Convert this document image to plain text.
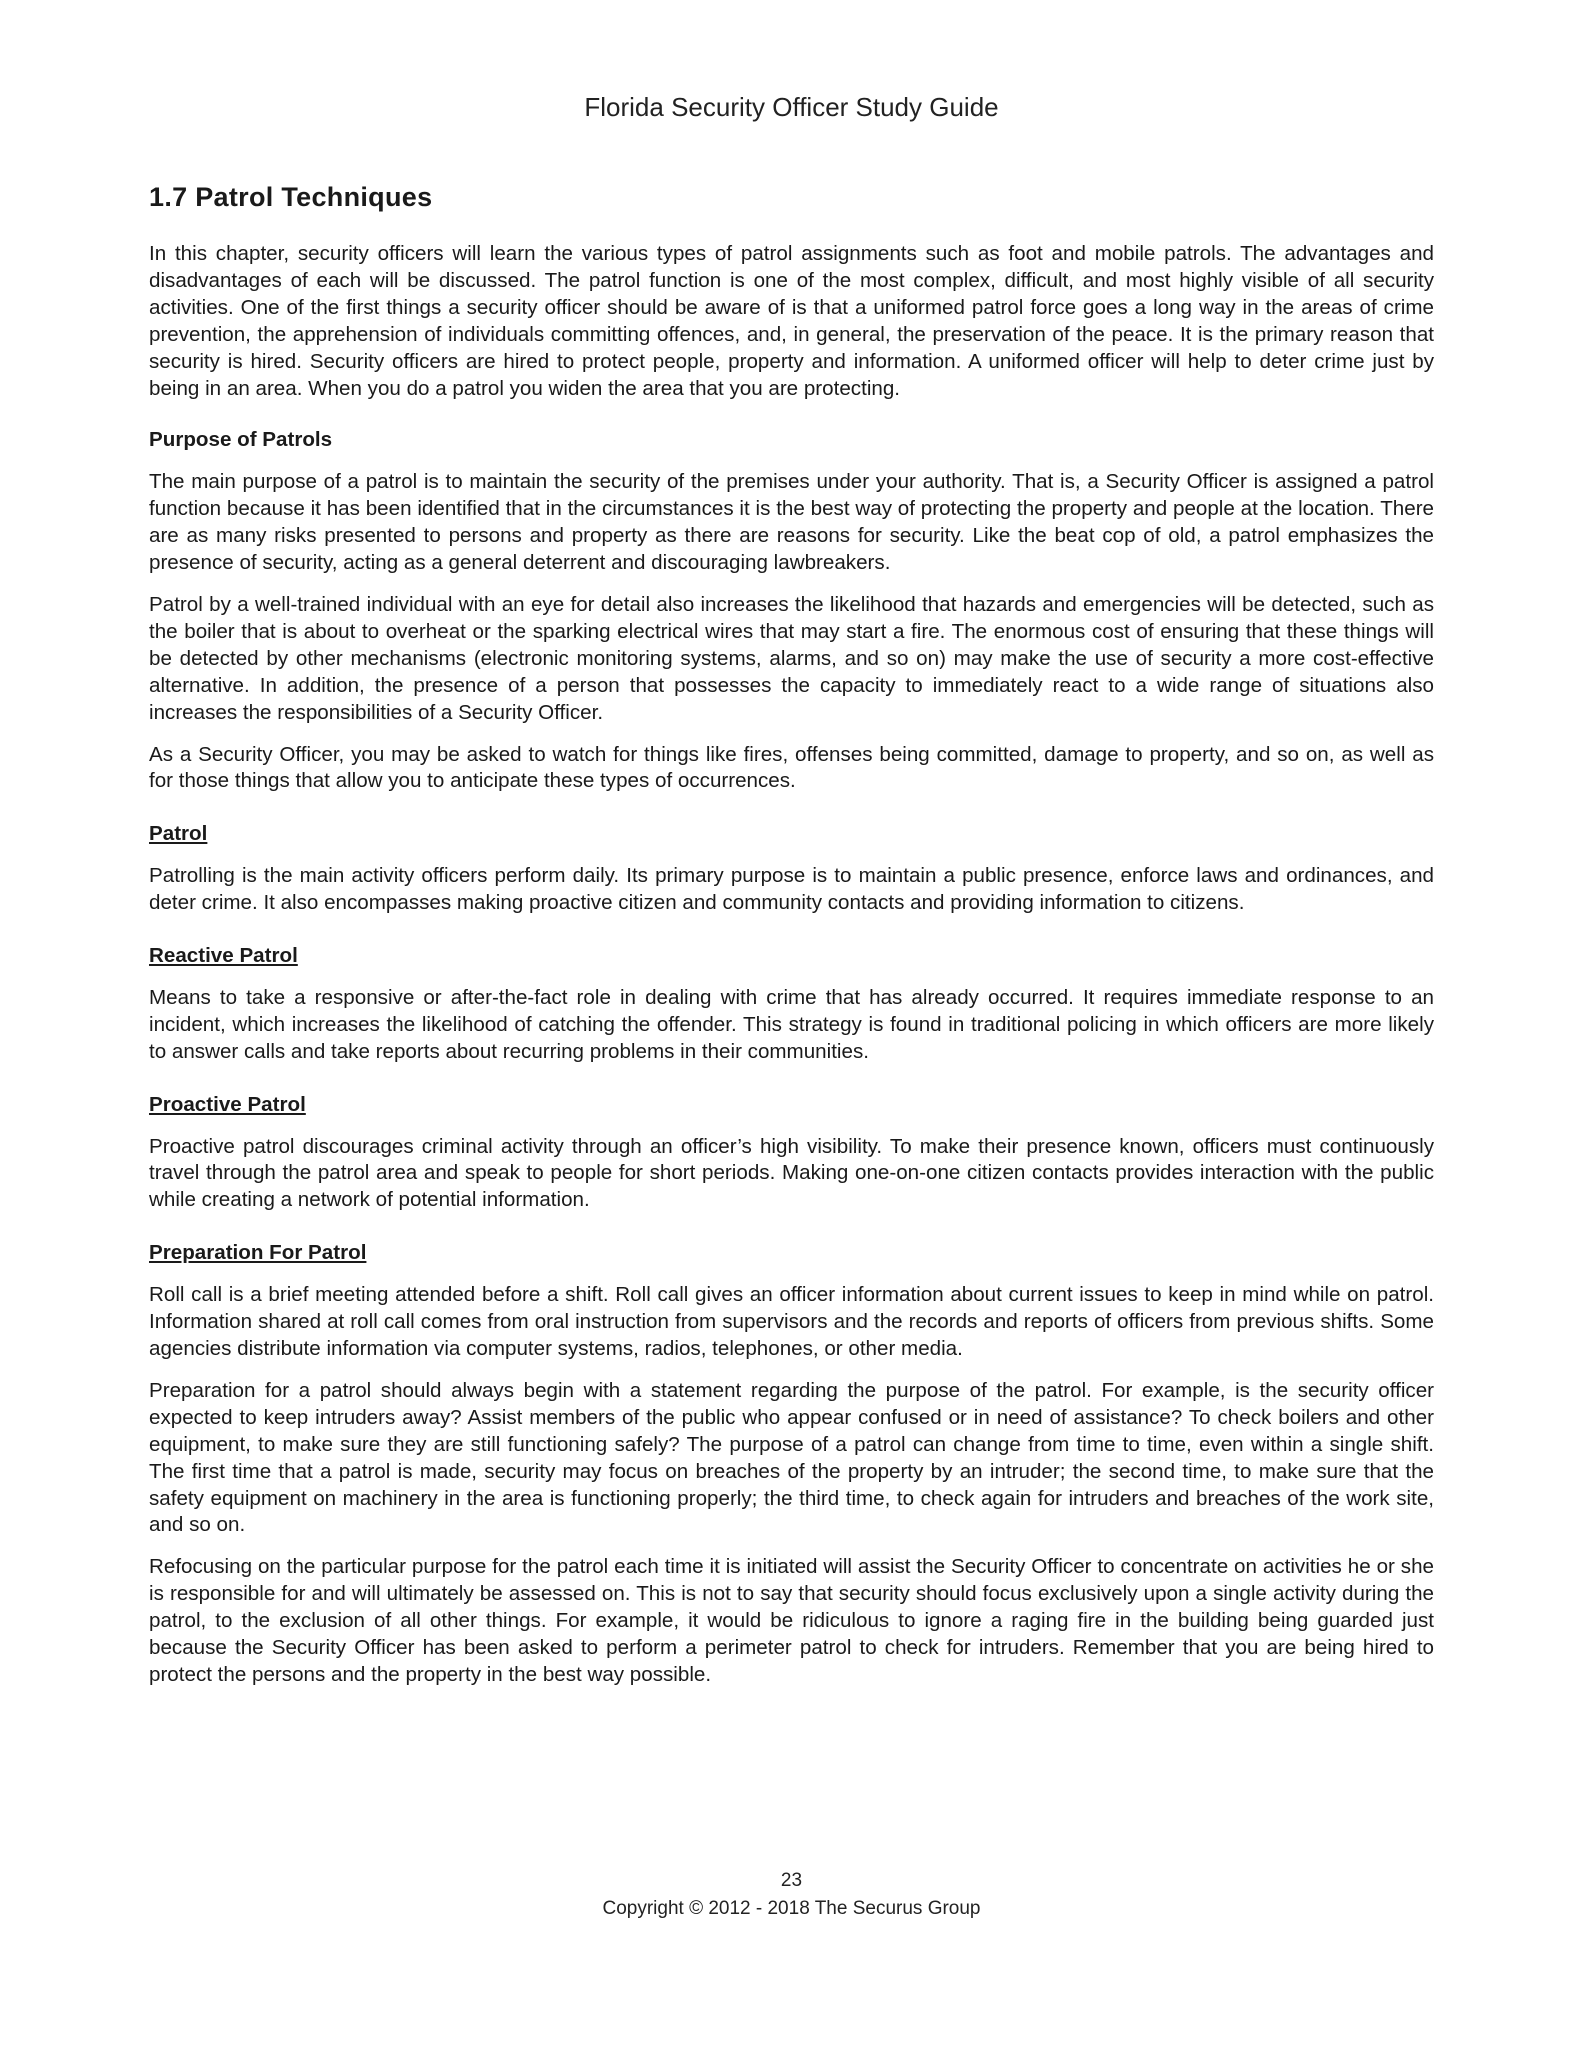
Florida Security Officer Study Guide
1.7 Patrol Techniques

In this chapter, security officers will learn the various types of patrol assignments such as foot and mobile patrols. The advantages and disadvantages of each will be discussed. The patrol function is one of the most complex, difficult, and most highly visible of all security activities. One of the first things a security officer should be aware of is that a uniformed patrol force goes a long way in the areas of crime prevention, the apprehension of individuals committing offences, and, in general, the preservation of the peace. It is the primary reason that security is hired. Security officers are hired to protect people, property and information. A uniformed officer will help to deter crime just by being in an area. When you do a patrol you widen the area that you are protecting.

Purpose of Patrols

The main purpose of a patrol is to maintain the security of the premises under your authority. That is, a Security Officer is assigned a patrol function because it has been identified that in the circumstances it is the best way of protecting the property and people at the location. There are as many risks presented to persons and property as there are reasons for security. Like the beat cop of old, a patrol emphasizes the presence of security, acting as a general deterrent and discouraging lawbreakers.

Patrol by a well-trained individual with an eye for detail also increases the likelihood that hazards and emergencies will be detected, such as the boiler that is about to overheat or the sparking electrical wires that may start a fire. The enormous cost of ensuring that these things will be detected by other mechanisms (electronic monitoring systems, alarms, and so on) may make the use of security a more cost-effective alternative. In addition, the presence of a person that possesses the capacity to immediately react to a wide range of situations also increases the responsibilities of a Security Officer.

As a Security Officer, you may be asked to watch for things like fires, offenses being committed, damage to property, and so on, as well as for those things that allow you to anticipate these types of occurrences.

Patrol

Patrolling is the main activity officers perform daily. Its primary purpose is to maintain a public presence, enforce laws and ordinances, and deter crime. It also encompasses making proactive citizen and community contacts and providing information to citizens.

Reactive Patrol

Means to take a responsive or after-the-fact role in dealing with crime that has already occurred. It requires immediate response to an incident, which increases the likelihood of catching the offender. This strategy is found in traditional policing in which officers are more likely to answer calls and take reports about recurring problems in their communities.

Proactive Patrol

Proactive patrol discourages criminal activity through an officer’s high visibility. To make their presence known, officers must continuously travel through the patrol area and speak to people for short periods. Making one-on-one citizen contacts provides interaction with the public while creating a network of potential information.

Preparation For Patrol

Roll call is a brief meeting attended before a shift. Roll call gives an officer information about current issues to keep in mind while on patrol. Information shared at roll call comes from oral instruction from supervisors and the records and reports of officers from previous shifts. Some agencies distribute information via computer systems, radios, telephones, or other media.

Preparation for a patrol should always begin with a statement regarding the purpose of the patrol. For example, is the security officer expected to keep intruders away? Assist members of the public who appear confused or in need of assistance? To check boilers and other equipment, to make sure they are still functioning safely? The purpose of a patrol can change from time to time, even within a single shift. The first time that a patrol is made, security may focus on breaches of the property by an intruder; the second time, to make sure that the safety equipment on machinery in the area is functioning properly; the third time, to check again for intruders and breaches of the work site, and so on.

Refocusing on the particular purpose for the patrol each time it is initiated will assist the Security Officer to concentrate on activities he or she is responsible for and will ultimately be assessed on. This is not to say that security should focus exclusively upon a single activity during the patrol, to the exclusion of all other things. For example, it would be ridiculous to ignore a raging fire in the building being guarded just because the Security Officer has been asked to perform a perimeter patrol to check for intruders. Remember that you are being hired to protect the persons and the property in the best way possible.

23
Copyright © 2012 - 2018 The Securus Group
